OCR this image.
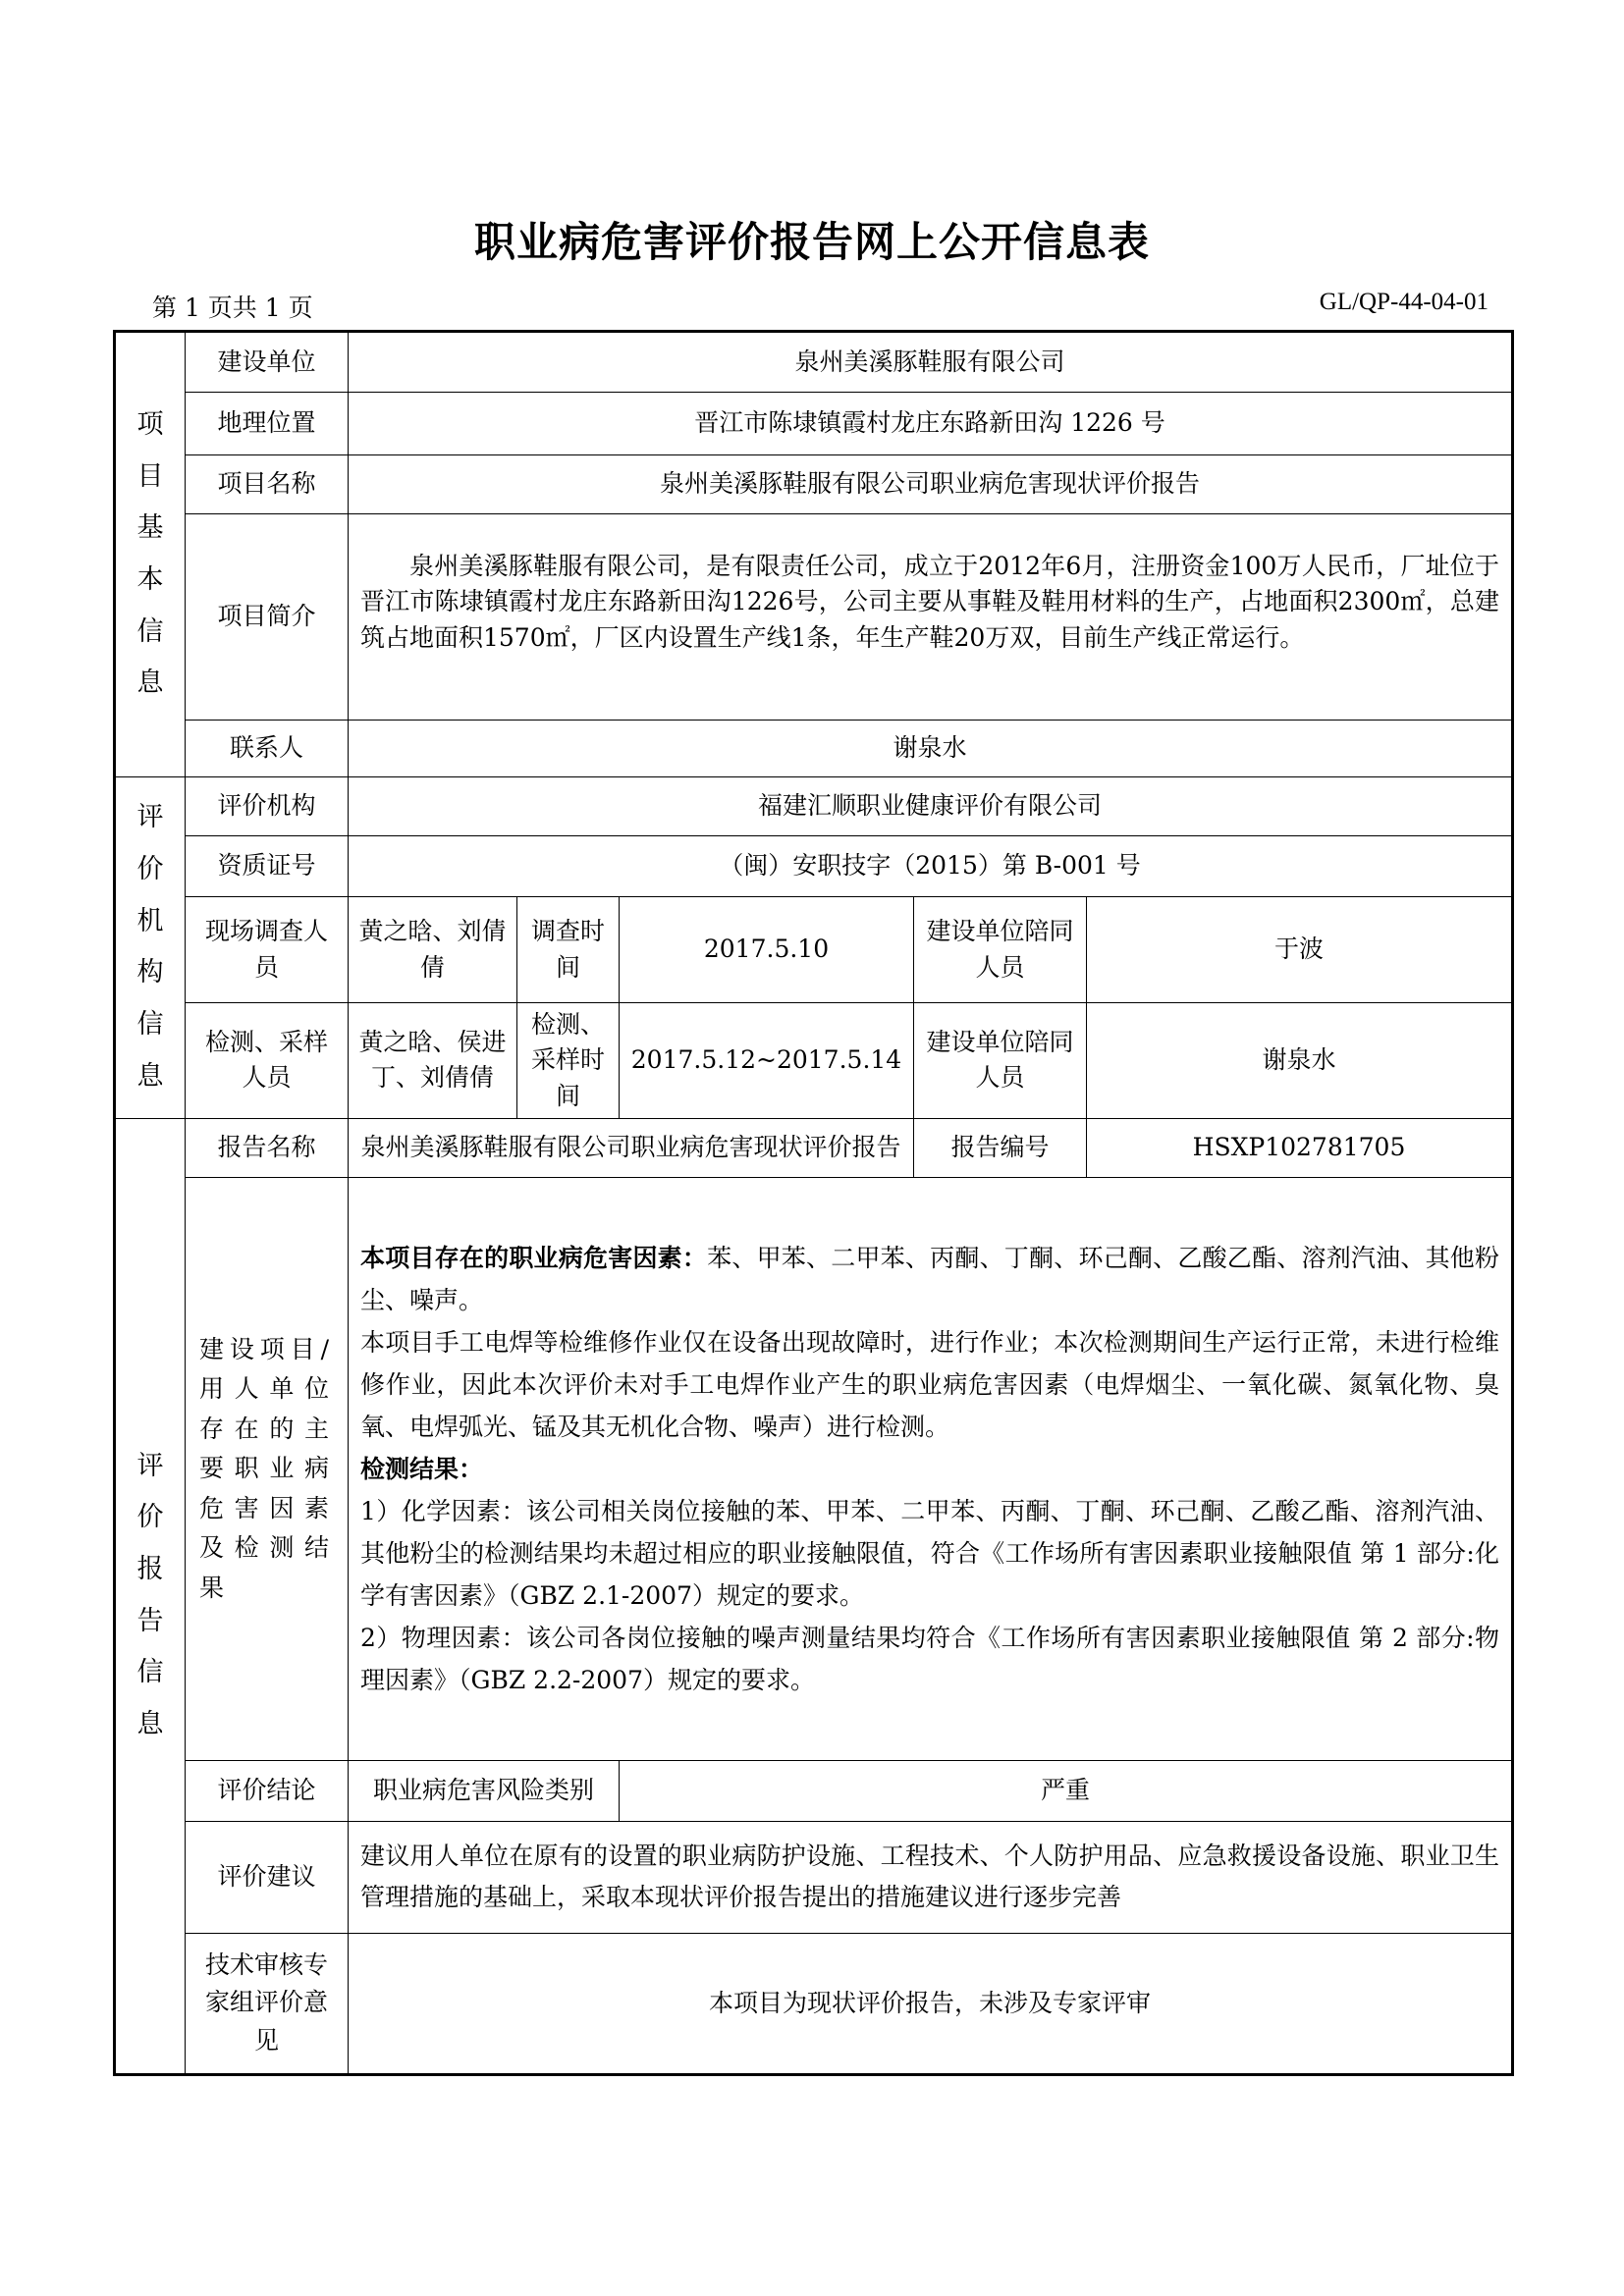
职业病危害评价报告网上公开信息表
第 1 页共 1 页	GL/QP-44-04-01
项目基本信息	建设单位	泉州美溪豚鞋服有限公司				
	地理位置	晋江市陈埭镇霞村龙庄东路新田沟 1226 号				
	项目名称	泉州美溪豚鞋服有限公司职业病危害现状评价报告				
	项目简介	泉州美溪豚鞋服有限公司，是有限责任公司，成立于2012年6月，注册资金100万人民币，厂址位于晋江市陈埭镇霞村龙庄东路新田沟1226号，公司主要从事鞋及鞋用材料的生产，占地面积2300㎡，总建筑占地面积1570㎡，厂区内设置生产线1条，年生产鞋20万双，目前生产线正常运行。				
	联系人	谢泉水				

评价机构信息	评价机构	福建汇顺职业健康评价有限公司				
	资质证号	（闽）安职技字（2015）第 B-001 号				
	现场调查人员	黄之晗、刘倩倩	调查时间	2017.5.10	建设单位陪同人员	于波
	检测、采样人员	黄之晗、侯进丁、刘倩倩	检测、采样时间	2017.5.12~2017.5.14	建设单位陪同人员	谢泉水

评价报告信息	报告名称	泉州美溪豚鞋服有限公司职业病危害现状评价报告			报告编号	HSXP102781705
	建设项目/用人单位存在的主要职业病危害因素及检测结果	本项目存在的职业病危害因素：苯、甲苯、二甲苯、丙酮、丁酮、环己酮、乙酸乙酯、溶剂汽油、其他粉尘、噪声。

本项目手工电焊等检维修作业仅在设备出现故障时，进行作业；本次检测期间生产运行正常，未进行检维修作业，因此本次评价未对手工电焊作业产生的职业病危害因素（电焊烟尘、一氧化碳、氮氧化物、臭氧、电焊弧光、锰及其无机化合物、噪声）进行检测。

检测结果：

1）化学因素：该公司相关岗位接触的苯、甲苯、二甲苯、丙酮、丁酮、环己酮、乙酸乙酯、溶剂汽油、其他粉尘的检测结果均未超过相应的职业接触限值，符合《工作场所有害因素职业接触限值 第 1 部分:化学有害因素》（GBZ 2.1-2007）规定的要求。

2）物理因素：该公司各岗位接触的噪声测量结果均符合《工作场所有害因素职业接触限值 第 2 部分:物理因素》（GBZ 2.2-2007）规定的要求。				

	评价结论	职业病危害风险类别		严重		
	评价建议	建议用人单位在原有的设置的职业病防护设施、工程技术、个人防护用品、应急救援设备设施、职业卫生管理措施的基础上，采取本现状评价报告提出的措施建议进行逐步完善				
	技术审核专家组评价意见	本项目为现状评价报告，未涉及专家评审				
